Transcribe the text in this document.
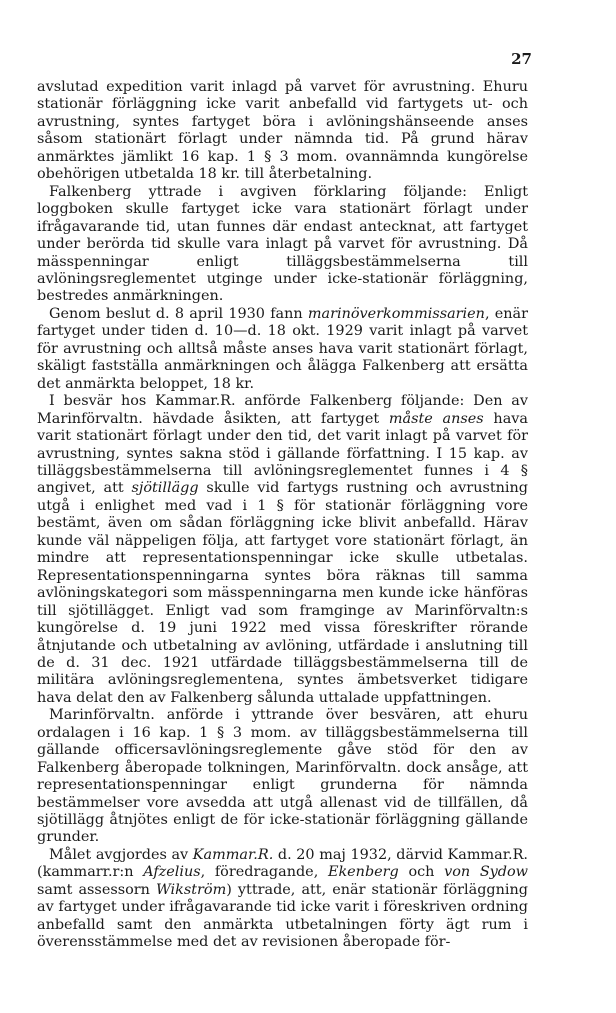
27

avslutad expedition varit inlagd på varvet för avrustning. Ehuru stationär förläggning icke varit anbefalld vid fartygets ut- och avrustning, syntes fartyget böra i avlöningshänseende anses såsom stationärt förlagt under nämnda tid. På grund härav anmärktes jämlikt 16 kap. 1 § 3 mom. ovannämnda kungörelse obehörigen utbetalda 18 kr. till återbetalning.

Falkenberg yttrade i avgiven förklaring följande: Enligt loggboken skulle fartyget icke vara stationärt förlagt under ifrågavarande tid, utan funnes där endast antecknat, att fartyget under berörda tid skulle vara inlagt på varvet för avrustning. Då mässpenningar enligt tilläggsbestämmelserna till avlöningsreglementet utginge under icke-stationär förläggning, bestredes anmärkningen.

Genom beslut d. 8 april 1930 fann marinöverkommissarien, enär fartyget under tiden d. 10—d. 18 okt. 1929 varit inlagt på varvet för avrustning och alltså måste anses hava varit stationärt förlagt, skäligt fastställa anmärkningen och ålägga Falkenberg att ersätta det anmärkta beloppet, 18 kr.

I besvär hos Kammar.R. anförde Falkenberg följande: Den av Marinförvaltn. hävdade åsikten, att fartyget måste anses hava varit stationärt förlagt under den tid, det varit inlagt på varvet för avrustning, syntes sakna stöd i gällande författning. I 15 kap. av tilläggsbestämmelserna till avlöningsreglementet funnes i 4 § angivet, att sjötillägg skulle vid fartygs rustning och avrustning utgå i enlighet med vad i 1 § för stationär förläggning vore bestämt, även om sådan förläggning icke blivit anbefalld. Härav kunde väl näppeligen följa, att fartyget vore stationärt förlagt, än mindre att representationspenningar icke skulle utbetalas. Representationspenningarna syntes böra räknas till samma avlöningskategori som mässpenningarna men kunde icke hänföras till sjötillägget. Enligt vad som framginge av Marinförvaltn:s kungörelse d. 19 juni 1922 med vissa föreskrifter rörande åtnjutande och utbetalning av avlöning, utfärdade i anslutning till de d. 31 dec. 1921 utfärdade tilläggsbestämmelserna till de militära avlöningsreglementena, syntes ämbetsverket tidigare hava delat den av Falkenberg sålunda uttalade uppfattningen.

Marinförvaltn. anförde i yttrande över besvären, att ehuru ordalagen i 16 kap. 1 § 3 mom. av tilläggsbestämmelserna till gällande officersavlöningsreglemente gåve stöd för den av Falkenberg åberopade tolkningen, Marinförvaltn. dock ansåge, att representationspenningar enligt grunderna för nämnda bestämmelser vore avsedda att utgå allenast vid de tillfällen, då sjötillägg åtnjötes enligt de för icke-stationär förläggning gällande grunder.

Målet avgjordes av Kammar.R. d. 20 maj 1932, därvid Kammar.R. (kammarr.r:n Afzelius, föredragande, Ekenberg och von Sydow samt assessorn Wikström) yttrade, att, enär stationär förläggning av fartyget under ifrågavarande tid icke varit i föreskriven ordning anbefalld samt den anmärkta utbetalningen förty ägt rum i överensstämmelse med det av revisionen åberopade för-
